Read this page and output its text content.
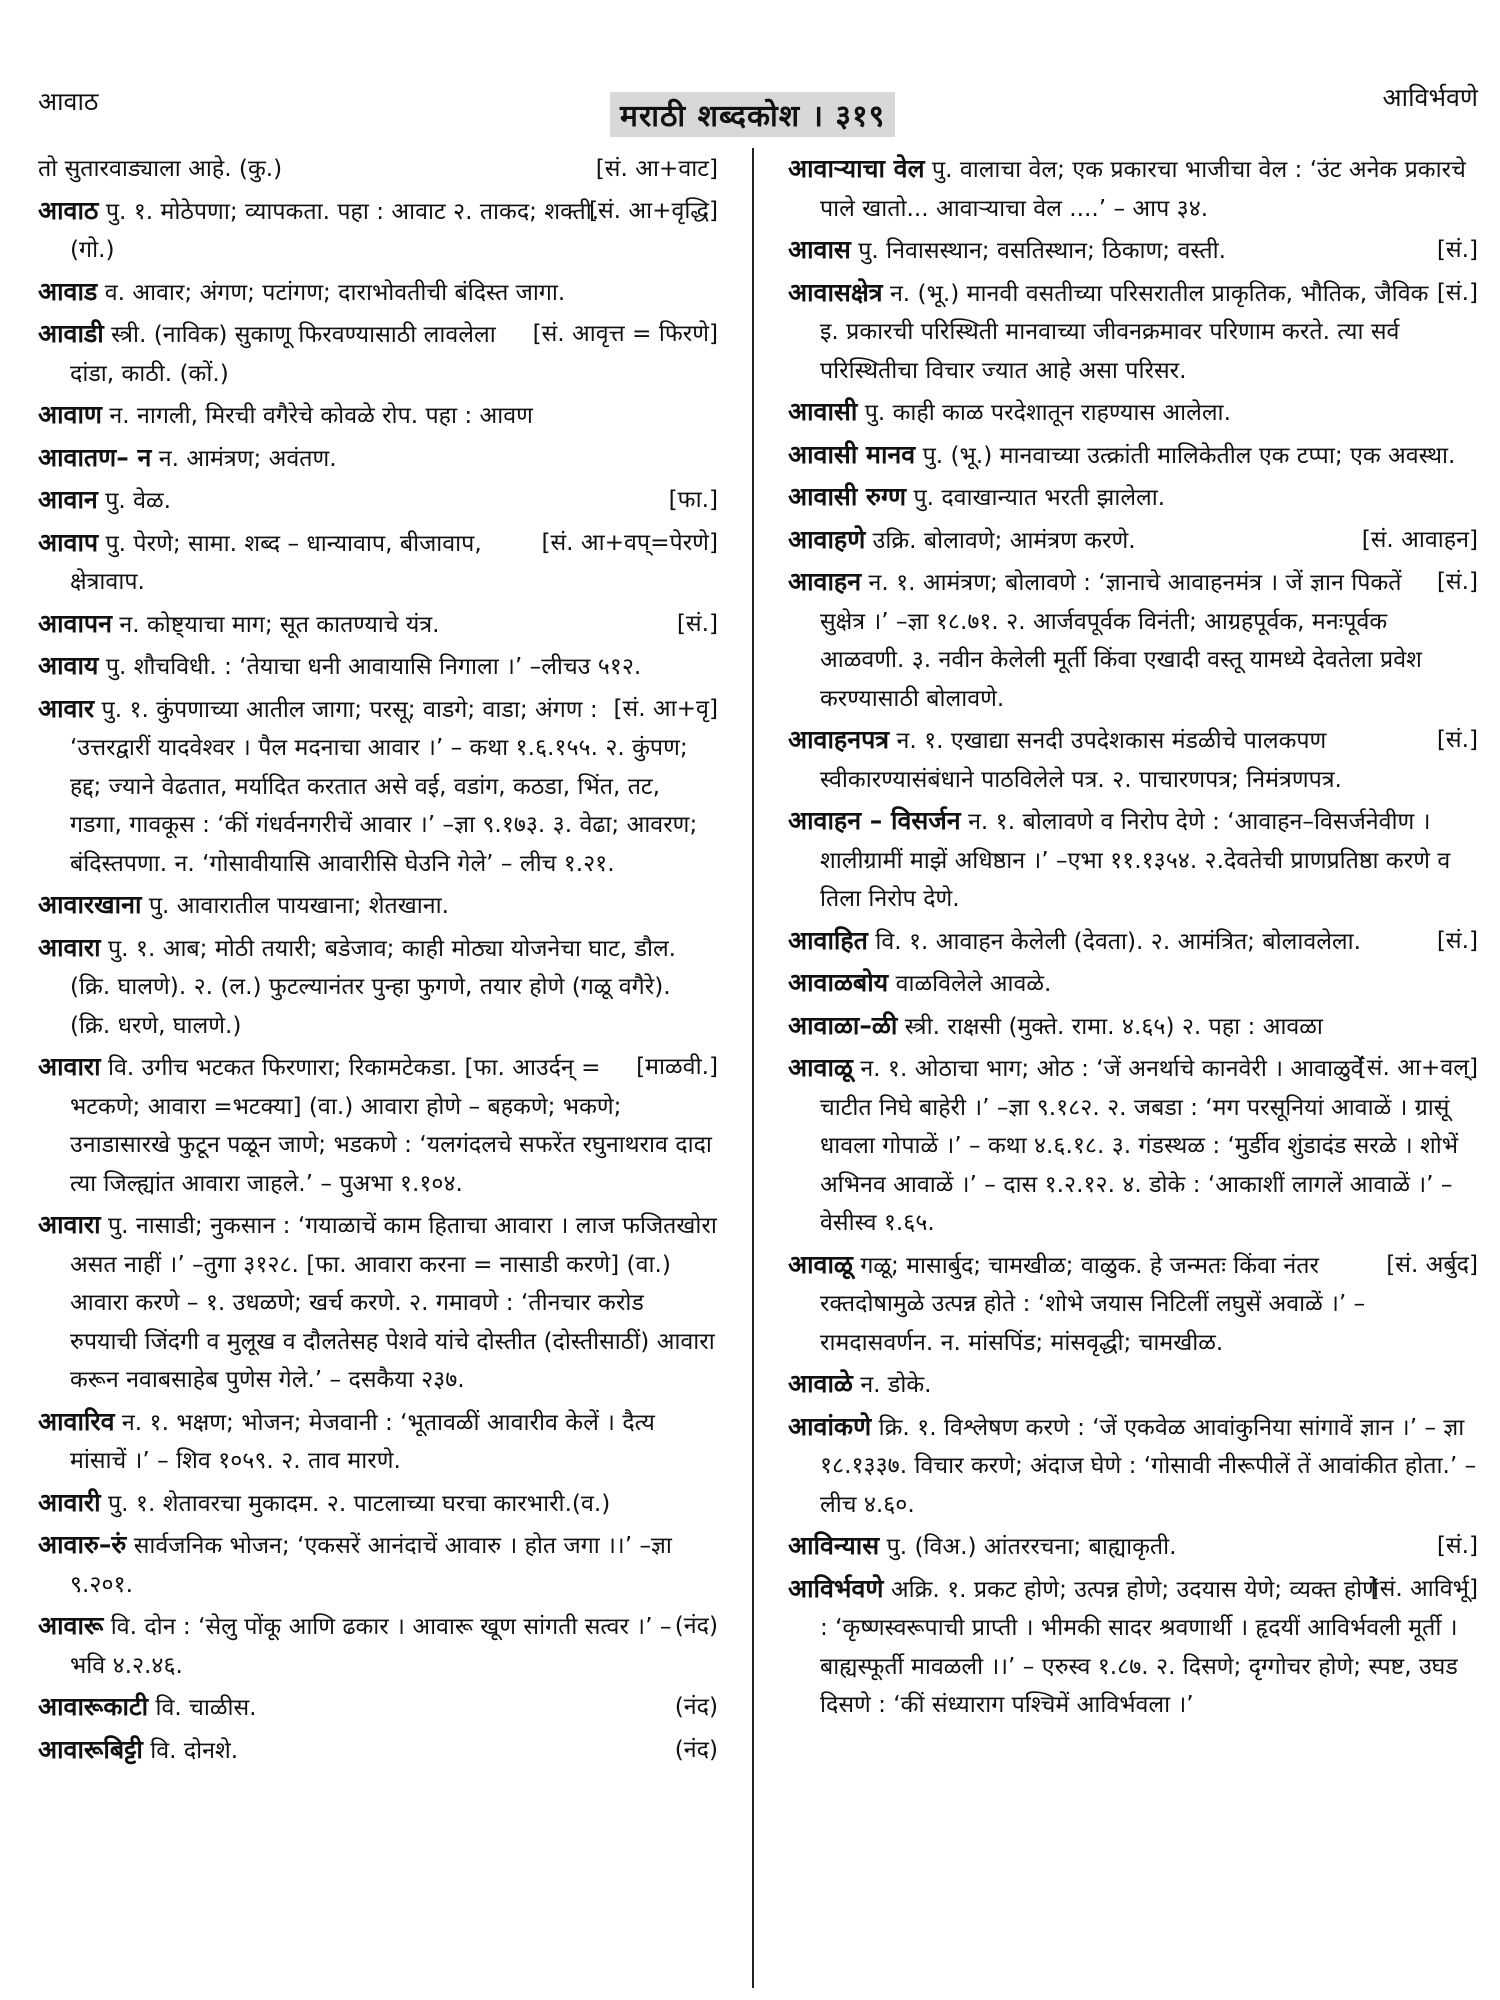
आवाठ	मराठी शब्दकोश । ३१९
आविर्भवणे
[सं. आ+वाट]
तो सुतारवाड्याला आहे. (कु.)
[सं. आ+वृद्धि]
आवाठ पु. १. मोठेपणा; व्यापकता. पहा : आवाट २. ताकद; शक्ती. (गो.)
आवाड व. आवार; अंगण; पटांगण; दाराभोवतीची बंदिस्त जागा.
[सं. आवृत्त = फिरणे]
आवाडी स्त्री. (नाविक) सुकाणू फिरवण्यासाठी लावलेला दांडा, काठी. (कों.)
आवाण न. नागली, मिरची वगैरेचे कोवळे रोप. पहा : आवण
आवातण– न न. आमंत्रण; अवंतण.
[फा.]
आवान पु. वेळ.
[सं. आ+वप्=पेरणे]
आवाप पु. पेरणे; सामा. शब्द – धान्यावाप, बीजावाप, क्षेत्रावाप.
[सं.]
आवापन न. कोष्ट्याचा माग; सूत कातण्याचे यंत्र.
आवाय पु. शौचविधी. : ‘तेयाचा धनी आवायासि निगाला ।’ –लीचउ ५१२.
[सं. आ+वृ]
आवार पु. १. कुंपणाच्या आतील जागा; परसू; वाडगे; वाडा; अंगण : ‘उत्तरद्वारीं यादवेश्वर । पैल मदनाचा आवार ।’ – कथा १.६.१५५. २. कुंपण; हद्द; ज्याने वेढतात, मर्यादित करतात असे वई, वडांग, कठडा, भिंत, तट, गडगा, गावकूस : ‘कीं गंधर्वनगरीचें आवार ।’ –ज्ञा ९.१७३. ३. वेढा; आवरण; बंदिस्तपणा. न. ‘गोसावीयासि आवारीसि घेउनि गेले’ – लीच १.२१.
आवारखाना पु. आवारातील पायखाना; शेतखाना.
आवारा पु. १. आब; मोठी तयारी; बडेजाव; काही मोठ्या योजनेचा घाट, डौल. (क्रि. घालणे). २. (ल.) फुटल्यानंतर पुन्हा फुगणे, तयार होणे (गळू वगैरे). (क्रि. धरणे, घालणे.)
[माळवी.]
आवारा वि. उगीच भटकत फिरणारा; रिकामटेकडा. [फा. आउर्दन् = भटकणे; आवारा =भटक्या] (वा.) आवारा होणे – बहकणे; भकणे; उनाडासारखे फुटून पळून जाणे; भडकणे : ‘यलगंदलचे सफरेंत रघुनाथराव दादा त्या जिल्ह्यांत आवारा जाहले.’ – पुअभा १.१०४.
आवारा पु. नासाडी; नुकसान : ‘गयाळाचें काम हिताचा आवारा । लाज फजितखोरा असत नाहीं ।’ –तुगा ३१२८. [फा. आवारा करना = नासाडी करणे] (वा.) आवारा करणे – १. उधळणे; खर्च करणे. २. गमावणे : ‘तीनचार करोड रुपयाची जिंदगी व मुलूख व दौलतेसह पेशवे यांचे दोस्तीत (दोस्तीसाठीं) आवारा करून नवाबसाहेब पुणेस गेले.’ – दसकैया २३७.
आवारिव न. १. भक्षण; भोजन; मेजवानी : ‘भूतावळीं आवारीव केलें । दैत्य मांसाचें ।’ – शिव १०५९. २. ताव मारणे.
आवारी पु. १. शेतावरचा मुकादम. २. पाटलाच्या घरचा कारभारी.(व.)
आवारु–रुं सार्वजनिक भोजन; ‘एकसरें आनंदाचें आवारु । होत जगा ।।’ –ज्ञा ९.२०१.
(नंद)
आवारू वि. दोन : ‘सेलु पोंकू आणि ढकार । आवारू खूण सांगती सत्वर ।’ – भवि ४.२.४६.
(नंद)
आवारूकाटी वि. चाळीस.
(नंद)
आवारूबिट्टी वि. दोनशे.
आवाऱ्याचा वेल पु. वालाचा वेल; एक प्रकारचा भाजीचा वेल : ‘उंट अनेक प्रकारचे पाले खातो... आवाऱ्याचा वेल ....’ – आप ३४.
[सं.]
आवास पु. निवासस्थान; वसतिस्थान; ठिकाण; वस्ती.
[सं.]
आवासक्षेत्र न. (भू.) मानवी वसतीच्या परिसरातील प्राकृतिक, भौतिक, जैविक इ. प्रकारची परिस्थिती मानवाच्या जीवनक्रमावर परिणाम करते. त्या सर्व परिस्थितीचा विचार ज्यात आहे असा परिसर.
आवासी पु. काही काळ परदेशातून राहण्यास आलेला.
आवासी मानव पु. (भू.) मानवाच्या उत्क्रांती मालिकेतील एक टप्पा; एक अवस्था.
आवासी रुग्ण पु. दवाखान्यात भरती झालेला.
[सं. आवाहन]
आवाहणे उक्रि. बोलावणे; आमंत्रण करणे.
[सं.]
आवाहन न. १. आमंत्रण; बोलावणे : ‘ज्ञानाचे आवाहनमंत्र । जें ज्ञान पिकतें सुक्षेत्र ।’ –ज्ञा १८.७१. २. आर्जवपूर्वक विनंती; आग्रहपूर्वक, मनःपूर्वक आळवणी. ३. नवीन केलेली मूर्ती किंवा एखादी वस्तू यामध्ये देवतेला प्रवेश करण्यासाठी बोलावणे.
[सं.]
आवाहनपत्र न. १. एखाद्या सनदी उपदेशकास मंडळीचे पालकपण स्वीकारण्यासंबंधाने पाठविलेले पत्र. २. पाचारणपत्र; निमंत्रणपत्र.
आवाहन – विसर्जन न. १. बोलावणे व निरोप देणे : ‘आवाहन–विसर्जनेवीण । शालीग्रामीं माझें अधिष्ठान ।’ –एभा ११.१३५४. २.देवतेची प्राणप्रतिष्ठा करणे व तिला निरोप देणे.
[सं.]
आवाहित वि. १. आवाहन केलेली (देवता). २. आमंत्रित; बोलावलेला.
आवाळबोय वाळविलेले आवळे.
आवाळा–ळी स्त्री. राक्षसी (मुक्ते. रामा. ४.६५) २. पहा : आवळा
[सं. आ+वल्]
आवाळू न. १. ओठाचा भाग; ओठ : ‘जें अनर्थाचे कानवेरी । आवाळुवें चाटीत निघे बाहेरी ।’ –ज्ञा ९.१८२. २. जबडा : ‘मग परसूनियां आवाळें । ग्रासूं धावला गोपाळें ।’ – कथा ४.६.१८. ३. गंडस्थळ : ‘मुर्डीव शुंडादंड सरळे । शोभें अभिनव आवाळें ।’ – दास १.२.१२. ४. डोके : ‘आकाशीं लागलें आवाळें ।’ – वेसीस्व १.६५.
[सं. अर्बुद]
आवाळू गळू; मासार्बुद; चामखीळ; वाळुक. हे जन्मतः किंवा नंतर रक्तदोषामुळे उत्पन्न होते : ‘शोभे जयास निटिलीं लघुसें अवाळें ।’ – रामदासवर्णन. न. मांसपिंड; मांसवृद्धी; चामखीळ.
आवाळे न. डोके.
आवांकणे क्रि. १. विश्लेषण करणे : ‘जें एकवेळ आवांकुनिया सांगावें ज्ञान ।’ – ज्ञा १८.१३३७. विचार करणे; अंदाज घेणे : ‘गोसावी नीरूपीलें तें आवांकीत होता.’ –लीच ४.६०.
[सं.]
आविन्यास पु. (विअ.) आंतररचना; बाह्याकृती.
[सं. आविर्भू]
आविर्भवणे अक्रि. १. प्रकट होणे; उत्पन्न होणे; उदयास येणे; व्यक्त होणे : ‘कृष्णस्वरूपाची प्राप्ती । भीमकी सादर श्रवणार्थी । हृदयीं आविर्भवली मूर्ती । बाह्यस्फूर्ती मावळली ।।’ – एरुस्व १.८७. २. दिसणे; दृग्गोचर होणे; स्पष्ट, उघड दिसणे : ‘कीं संध्याराग पश्चिमें आविर्भवला ।’
